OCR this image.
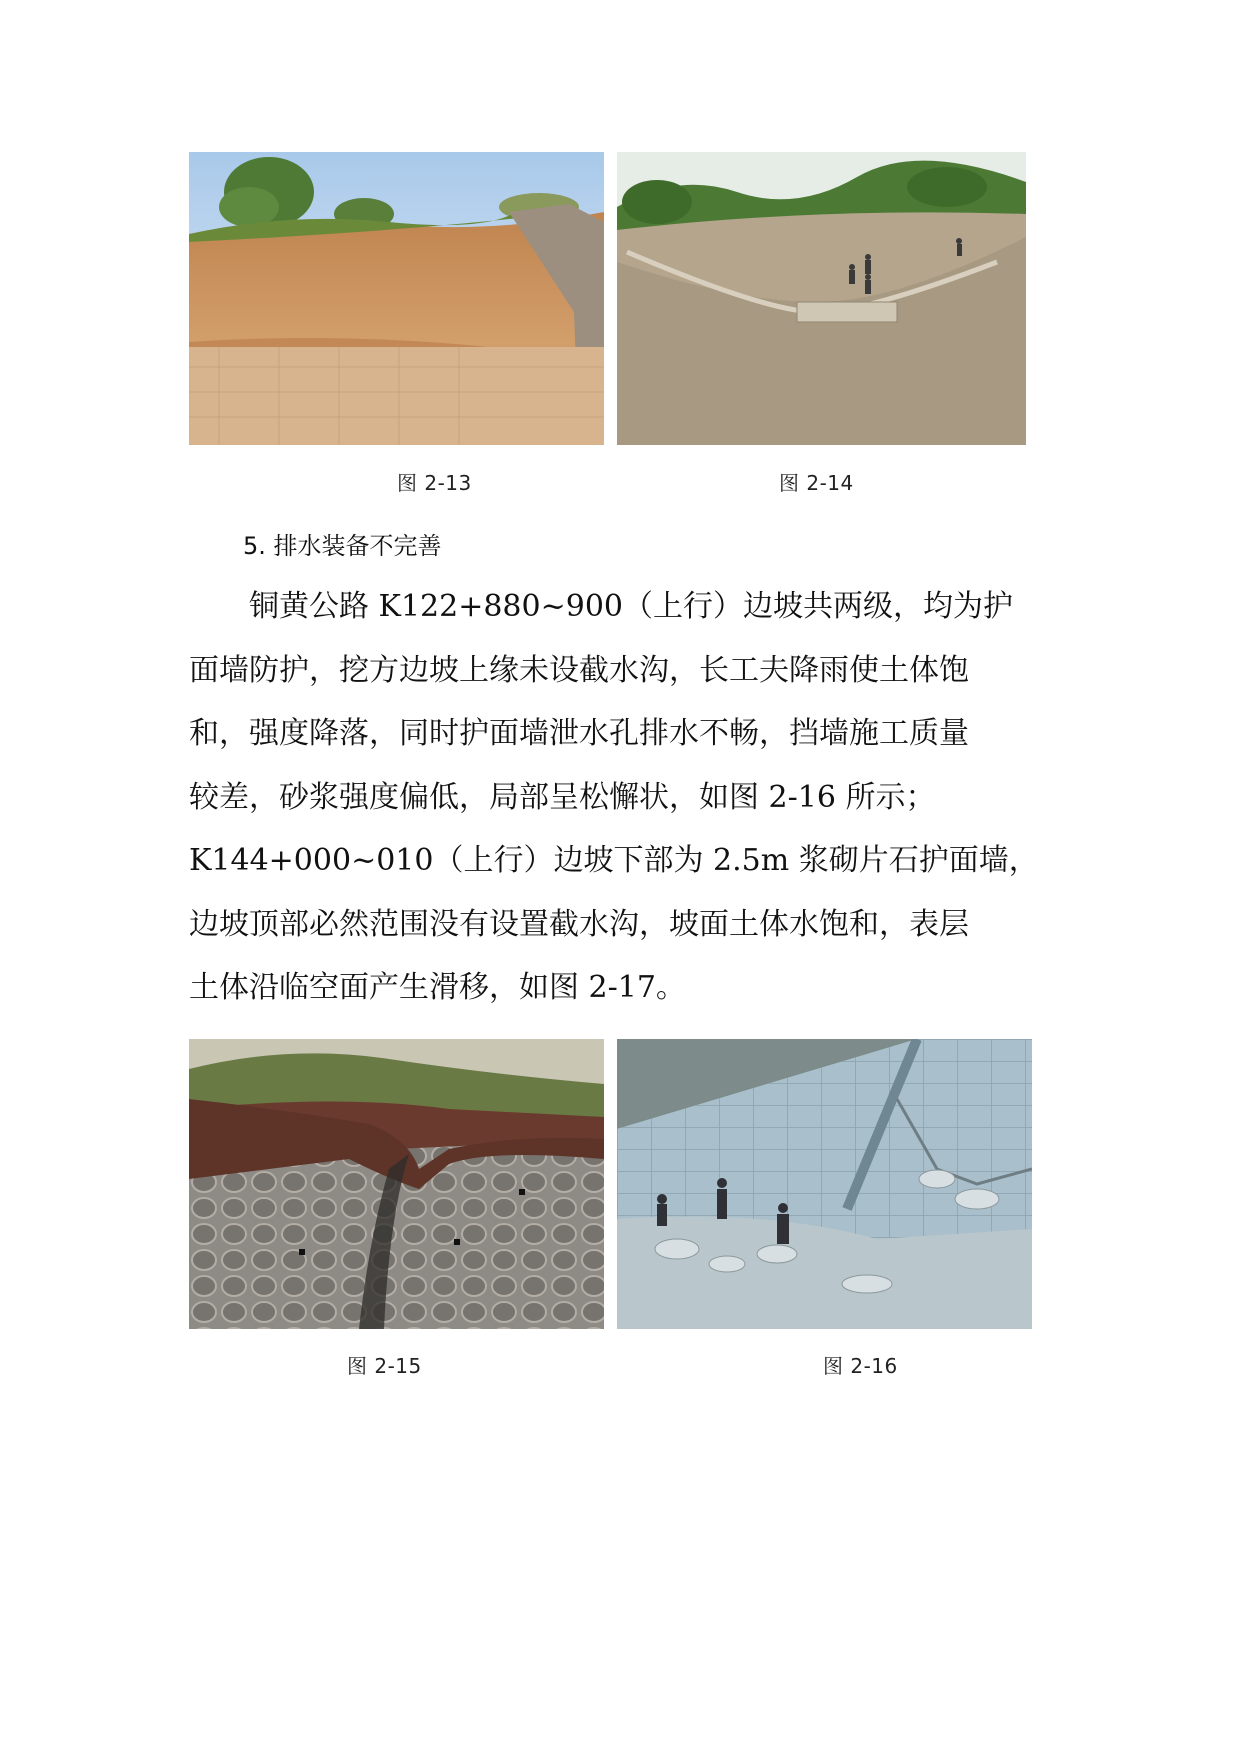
图 2-13	图 2-14
5. 排水装备不完善

铜黄公路 K122+880~900（上行）边坡共两级，均为护
面墙防护，挖方边坡上缘未设截水沟，长工夫降雨使土体饱
和，强度降落，同时护面墙泄水孔排水不畅，挡墙施工质量
较差，砂浆强度偏低，局部呈松懈状，如图 2-16 所示；
K144+000~010（上行）边坡下部为 2.5m 浆砌片石护面墙，
边坡顶部必然范围没有设置截水沟，坡面土体水饱和，表层
土体沿临空面产生滑移，如图 2-17。

图 2-15	图 2-16
